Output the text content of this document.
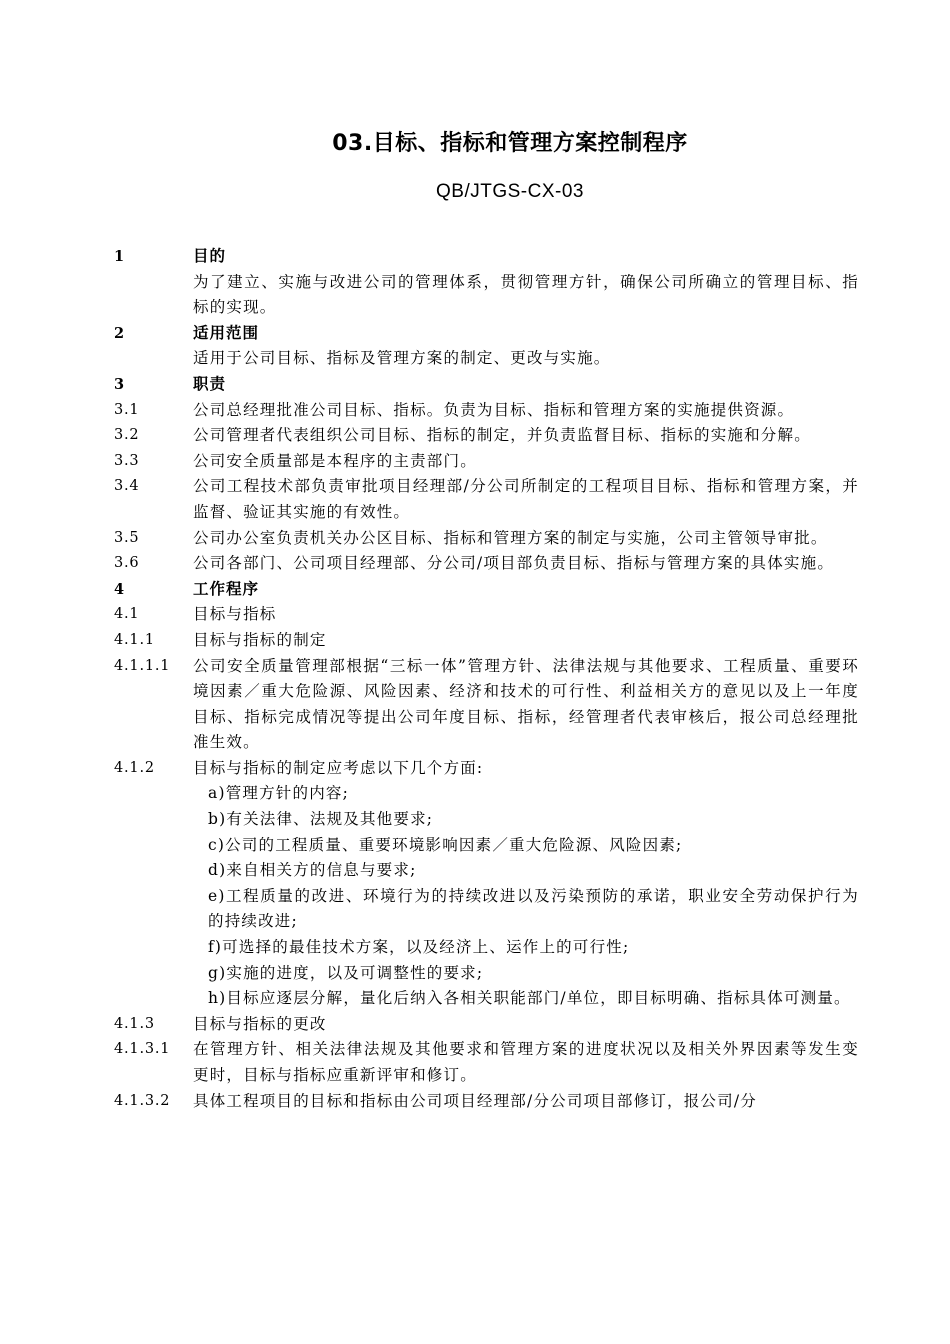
03.目标、指标和管理方案控制程序
QB/JTGS-CX-03
1	目的
为了建立、实施与改进公司的管理体系，贯彻管理方针，确保公司所确立的管理目标、指标的实现。
2	适用范围
适用于公司目标、指标及管理方案的制定、更改与实施。
3	职责
3.1	公司总经理批准公司目标、指标。负责为目标、指标和管理方案的实施提供资源。
3.2	公司管理者代表组织公司目标、指标的制定，并负责监督目标、指标的实施和分解。
3.3	公司安全质量部是本程序的主责部门。
3.4	公司工程技术部负责审批项目经理部/分公司所制定的工程项目目标、指标和管理方案，并监督、验证其实施的有效性。
3.5	公司办公室负责机关办公区目标、指标和管理方案的制定与实施，公司主管领导审批。
3.6	公司各部门、公司项目经理部、分公司/项目部负责目标、指标与管理方案的具体实施。
4	工作程序
4.1	目标与指标
4.1.1	目标与指标的制定
4.1.1.1	公司安全质量管理部根据“三标一体”管理方针、法律法规与其他要求、工程质量、重要环境因素／重大危险源、风险因素、经济和技术的可行性、利益相关方的意见以及上一年度目标、指标完成情况等提出公司年度目标、指标，经管理者代表审核后，报公司总经理批准生效。
4.1.2	目标与指标的制定应考虑以下几个方面:
a)管理方针的内容;
b)有关法律、法规及其他要求;
c)公司的工程质量、重要环境影响因素／重大危险源、风险因素;
d)来自相关方的信息与要求;
e)工程质量的改进、环境行为的持续改进以及污染预防的承诺，职业安全劳动保护行为的持续改进;
f)可选择的最佳技术方案，以及经济上、运作上的可行性;
g)实施的进度，以及可调整性的要求;
h)目标应逐层分解，量化后纳入各相关职能部门/单位，即目标明确、指标具体可测量。
4.1.3	目标与指标的更改
4.1.3.1	在管理方针、相关法律法规及其他要求和管理方案的进度状况以及相关外界因素等发生变更时，目标与指标应重新评审和修订。
4.1.3.2	具体工程项目的目标和指标由公司项目经理部/分公司项目部修订，报公司/分
